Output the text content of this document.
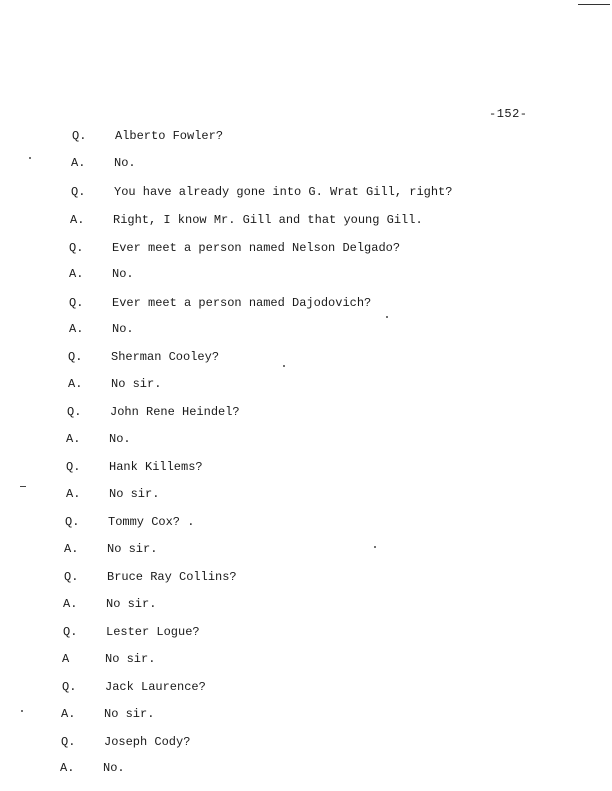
-152-
Q.	Alberto Fowler?
A.	No.
Q.	You have already gone into G. Wrat Gill, right?
A.	Right, I know Mr. Gill and that young Gill.
Q.	Ever meet a person named Nelson Delgado?
A.	No.
Q.	Ever meet a person named Dajodovich?
A.	No.
Q.	Sherman Cooley?
A.	No sir.
Q.	John Rene Heindel?
A.	No.
Q.	Hank Killems?
A.	No sir.
Q.	Tommy Cox? .
A.	No sir.
Q.	Bruce Ray Collins?
A.	No sir.
Q.	Lester Logue?
A	No sir.
Q.	Jack Laurence?
A.	No sir.
Q.	Joseph Cody?
A.	No.
